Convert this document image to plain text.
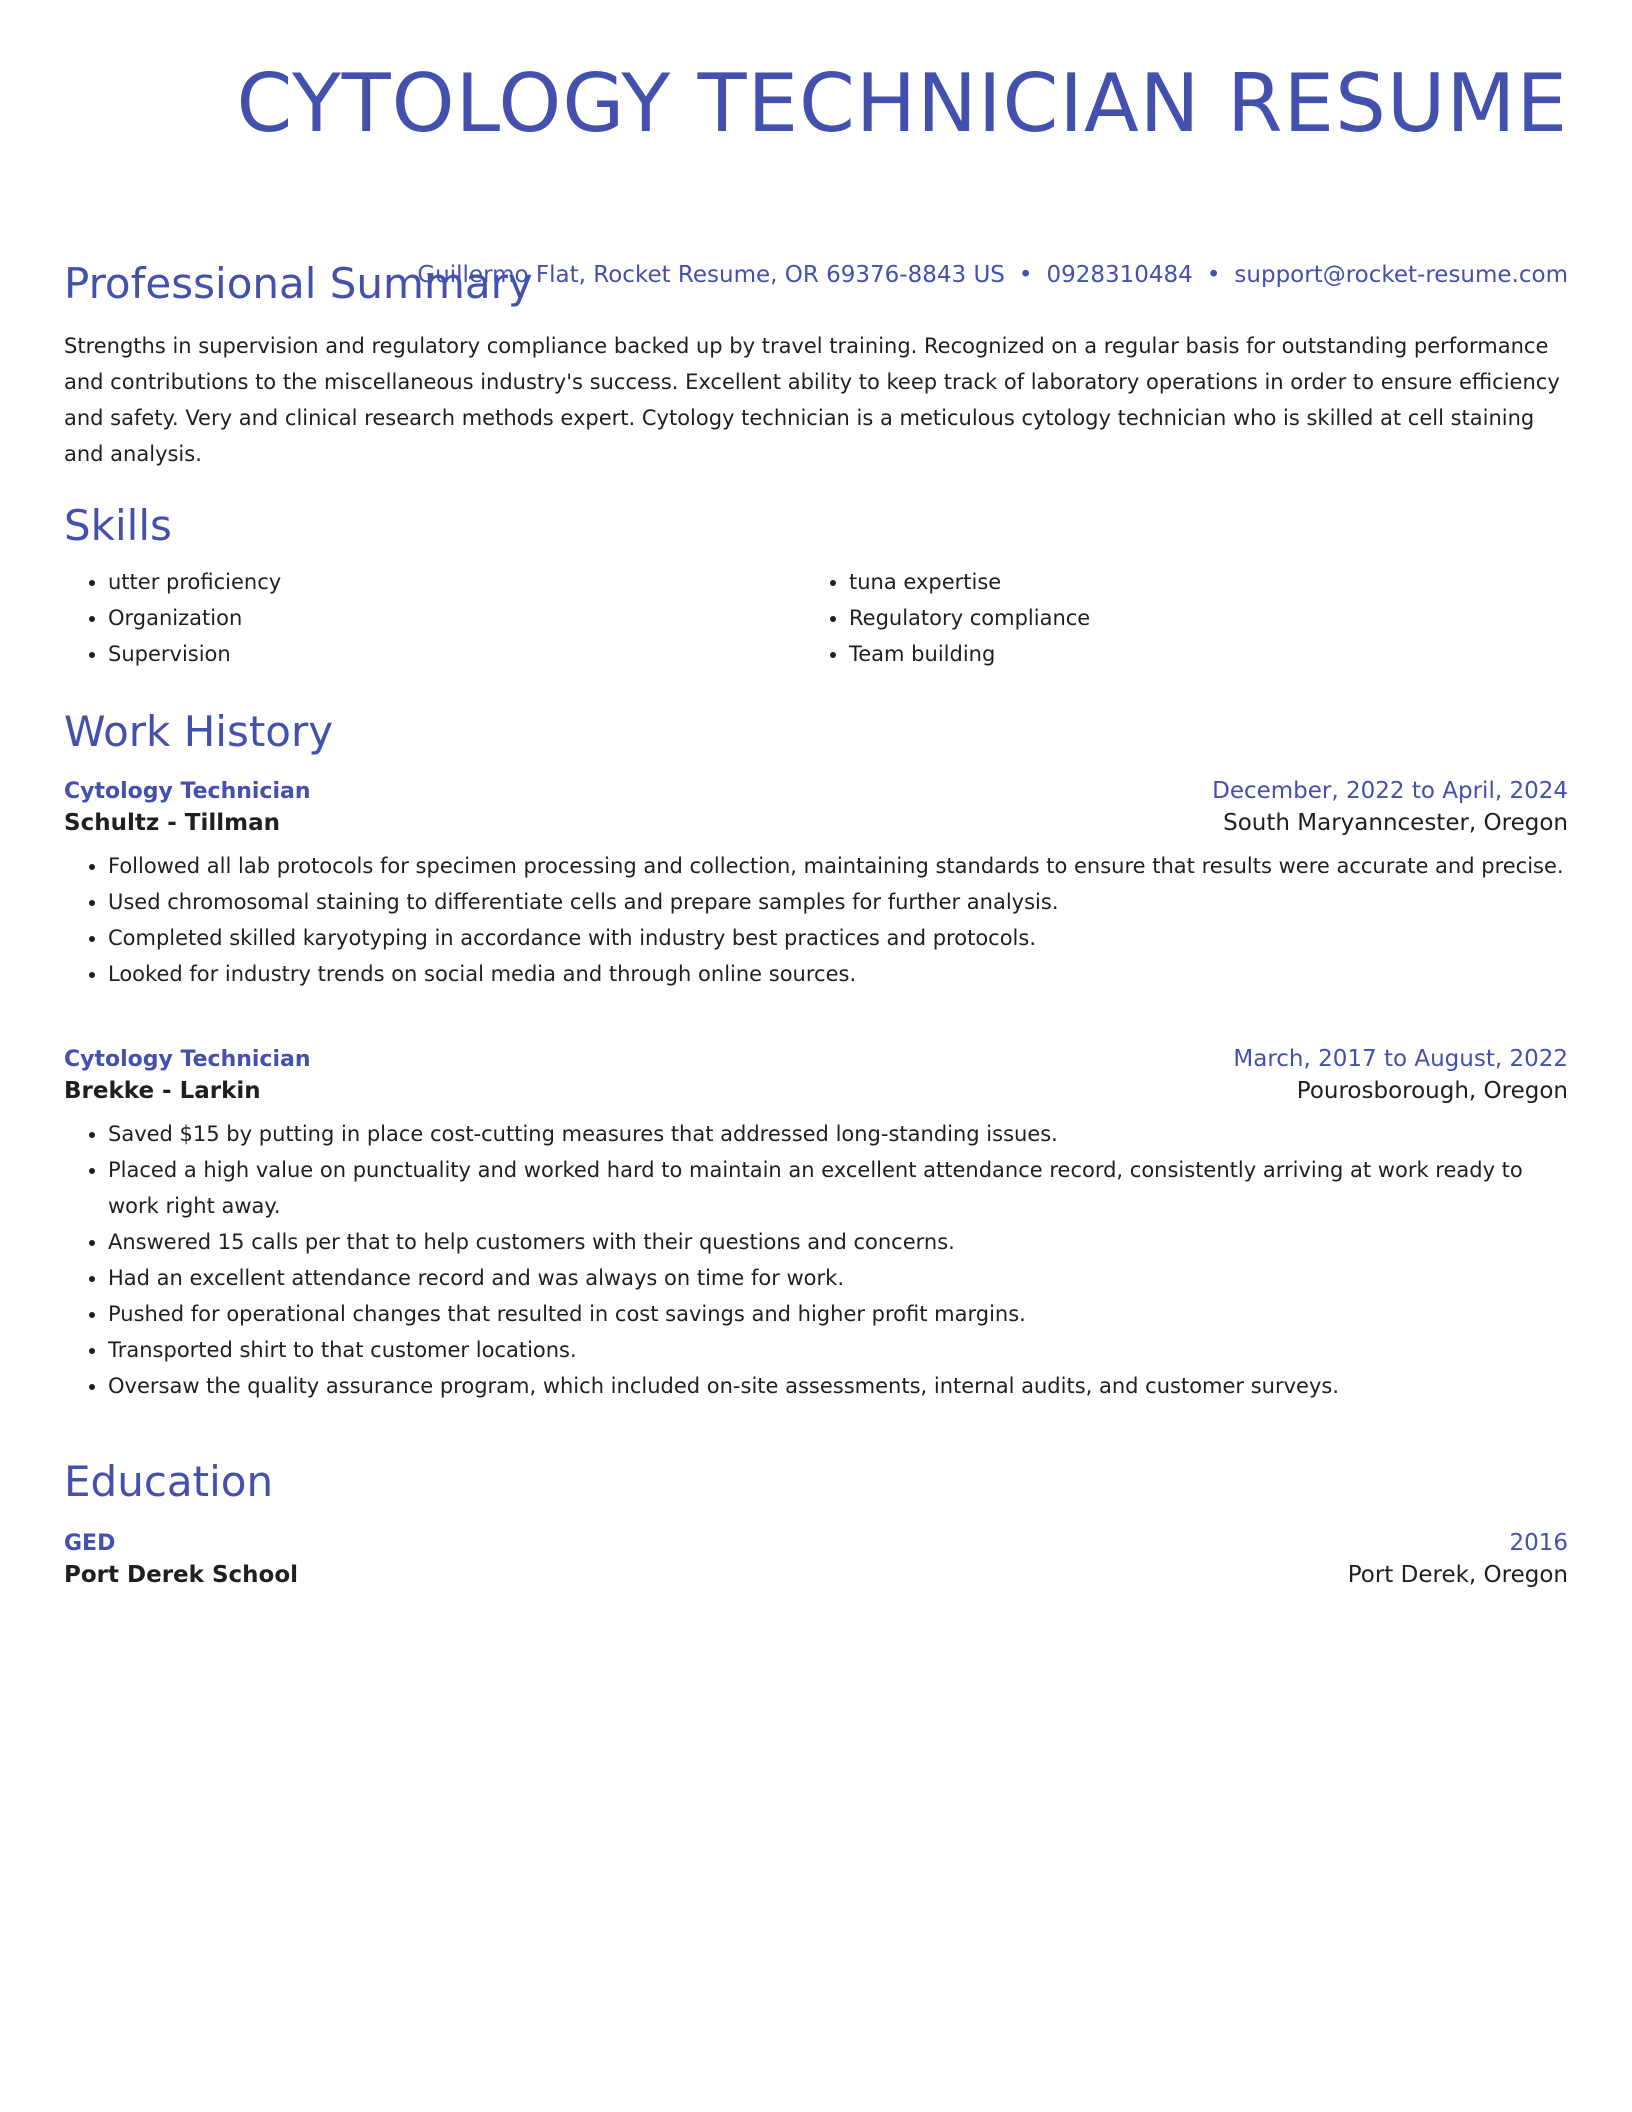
CYTOLOGY TECHNICIAN RESUME
Guillermo Flat, Rocket Resume, OR 69376-8843 US • 0928310484 • support@rocket-resume.com
Professional Summary

Strengths in supervision and regulatory compliance backed up by travel training. Recognized on a regular basis for outstanding performance and contributions to the miscellaneous industry's success. Excellent ability to keep track of laboratory operations in order to ensure efficiency and safety. Very and clinical research methods expert. Cytology technician is a meticulous cytology technician who is skilled at cell staining and analysis.

Skills
• utter proficiency
• Organization
• Supervision
• tuna expertise
• Regulatory compliance
• Team building
Work History
Cytology Technician	December, 2022 to April, 2024
Schultz - Tillman	South Maryanncester, Oregon
• Followed all lab protocols for specimen processing and collection, maintaining standards to ensure that results were accurate and precise.
• Used chromosomal staining to differentiate cells and prepare samples for further analysis.
• Completed skilled karyotyping in accordance with industry best practices and protocols.
• Looked for industry trends on social media and through online sources.
Cytology Technician	March, 2017 to August, 2022
Brekke - Larkin	Pourosborough, Oregon
• Saved $15 by putting in place cost-cutting measures that addressed long-standing issues.
• Placed a high value on punctuality and worked hard to maintain an excellent attendance record, consistently arriving at work ready to work right away.
• Answered 15 calls per that to help customers with their questions and concerns.
• Had an excellent attendance record and was always on time for work.
• Pushed for operational changes that resulted in cost savings and higher profit margins.
• Transported shirt to that customer locations.
• Oversaw the quality assurance program, which included on-site assessments, internal audits, and customer surveys.
Education
GED	2016
Port Derek School	Port Derek, Oregon
